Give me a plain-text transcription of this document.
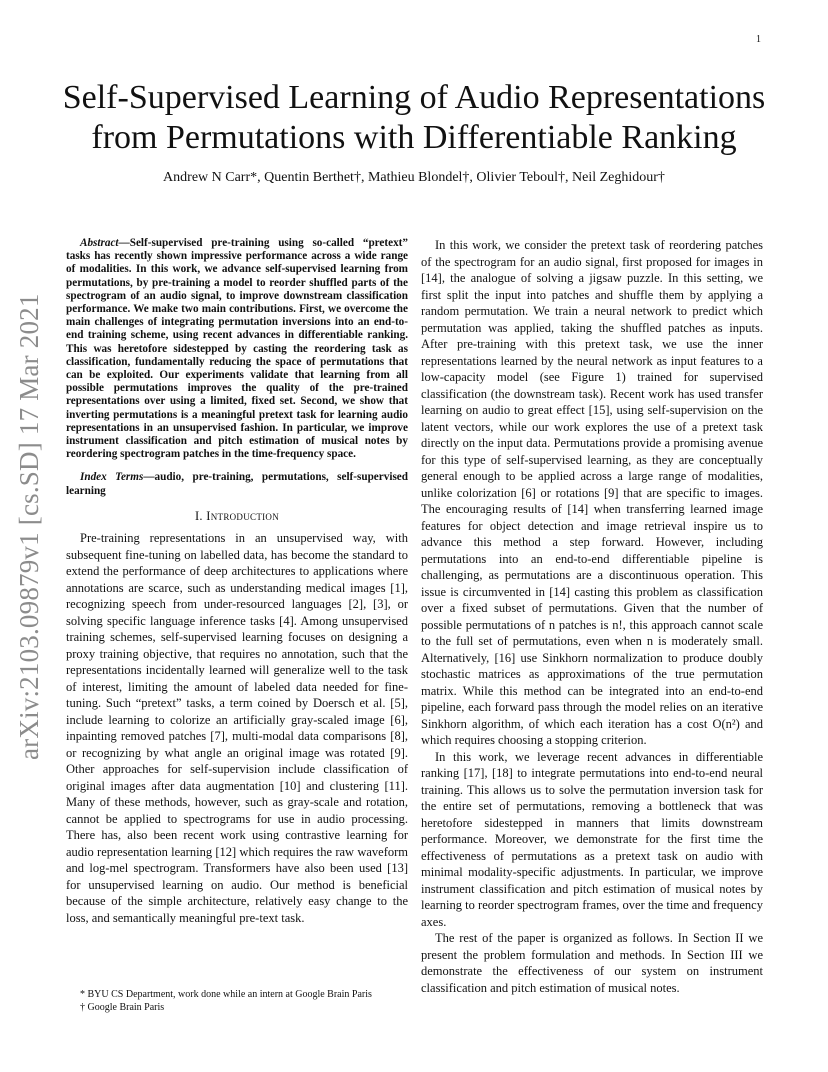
1
arXiv:2103.09879v1 [cs.SD] 17 Mar 2021
Self-Supervised Learning of Audio Representations from Permutations with Differentiable Ranking
Andrew N Carr*, Quentin Berthet†, Mathieu Blondel†, Olivier Teboul†, Neil Zeghidour†

Abstract—Self-supervised pre-training using so-called “pretext” tasks has recently shown impressive performance across a wide range of modalities. In this work, we advance self-supervised learning from permutations, by pre-training a model to reorder shuffled parts of the spectrogram of an audio signal, to improve downstream classification performance. We make two main contributions. First, we overcome the main challenges of integrating permutation inversions into an end-to-end training scheme, using recent advances in differentiable ranking. This was heretofore sidestepped by casting the reordering task as classification, fundamentally reducing the space of permutations that can be exploited. Our experiments validate that learning from all possible permutations improves the quality of the pre-trained representations over using a limited, fixed set. Second, we show that inverting permutations is a meaningful pretext task for learning audio representations in an unsupervised fashion. In particular, we improve instrument classification and pitch estimation of musical notes by reordering spectrogram patches in the time-frequency space.

Index Terms—audio, pre-training, permutations, self-supervised learning

I. Introduction

Pre-training representations in an unsupervised way, with subsequent fine-tuning on labelled data, has become the standard to extend the performance of deep architectures to applications where annotations are scarce, such as understanding medical images [1], recognizing speech from under-resourced languages [2], [3], or solving specific language inference tasks [4]. Among unsupervised training schemes, self-supervised learning focuses on designing a proxy training objective, that requires no annotation, such that the representations incidentally learned will generalize well to the task of interest, limiting the amount of labeled data needed for fine-tuning. Such “pretext” tasks, a term coined by Doersch et al. [5], include learning to colorize an artificially gray-scaled image [6], inpainting removed patches [7], multi-modal data comparisons [8], or recognizing by what angle an original image was rotated [9]. Other approaches for self-supervision include classification of original images after data augmentation [10] and clustering [11]. Many of these methods, however, such as gray-scale and rotation, cannot be applied to spectrograms for use in audio processing. There has, also been recent work using contrastive learning for audio representation learning [12] which requires the raw waveform and log-mel spectrogram. Transformers have also been used [13] for unsupervised learning on audio. Our method is beneficial because of the simple architecture, relatively easy change to the loss, and semantically meaningful pre-text task.

In this work, we consider the pretext task of reordering patches of the spectrogram for an audio signal, first proposed for images in [14], the analogue of solving a jigsaw puzzle. In this setting, we first split the input into patches and shuffle them by applying a random permutation. We train a neural network to predict which permutation was applied, taking the shuffled patches as inputs. After pre-training with this pretext task, we use the inner representations learned by the neural network as input features to a low-capacity model (see Figure 1) trained for supervised classification (the downstream task). Recent work has used transfer learning on audio to great effect [15], using self-supervision on the latent vectors, while our work explores the use of a pretext task directly on the input data. Permutations provide a promising avenue for this type of self-supervised learning, as they are conceptually general enough to be applied across a large range of modalities, unlike colorization [6] or rotations [9] that are specific to images. The encouraging results of [14] when transferring learned image features for object detection and image retrieval inspire us to advance this method a step forward. However, including permutations into an end-to-end differentiable pipeline is challenging, as permutations are a discontinuous operation. This issue is circumvented in [14] casting this problem as classification over a fixed subset of permutations. Given that the number of possible permutations of n patches is n!, this approach cannot scale to the full set of permutations, even when n is moderately small. Alternatively, [16] use Sinkhorn normalization to produce doubly stochastic matrices as approximations of the true permutation matrix. While this method can be integrated into an end-to-end pipeline, each forward pass through the model relies on an iterative Sinkhorn algorithm, of which each iteration has a cost O(n²) and which requires choosing a stopping criterion.

In this work, we leverage recent advances in differentiable ranking [17], [18] to integrate permutations into end-to-end neural training. This allows us to solve the permutation inversion task for the entire set of permutations, removing a bottleneck that was heretofore sidestepped in manners that limits downstream performance. Moreover, we demonstrate for the first time the effectiveness of permutations as a pretext task on audio with minimal modality-specific adjustments. In particular, we improve instrument classification and pitch estimation of musical notes by learning to reorder spectrogram frames, over the time and frequency axes.

The rest of the paper is organized as follows. In Section II we present the problem formulation and methods. In Section III we demonstrate the effectiveness of our system on instrument classification and pitch estimation of musical notes.

* BYU CS Department, work done while an intern at Google Brain Paris
† Google Brain Paris
